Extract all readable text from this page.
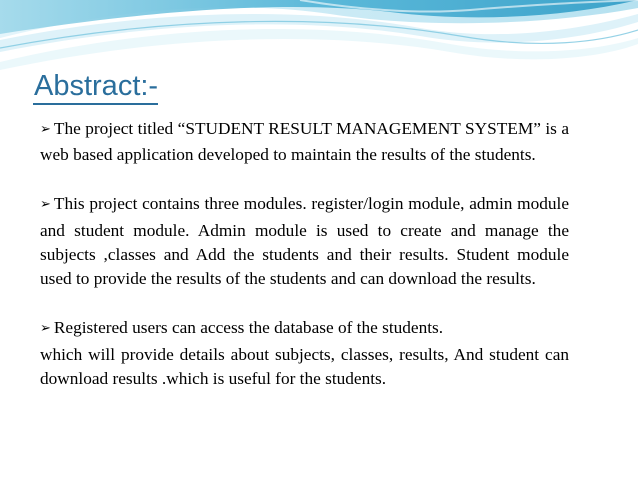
Abstract:-

➢ The project titled “STUDENT RESULT MANAGEMENT SYSTEM” is a web based application developed to maintain the results of the students.

➢ This project contains three modules. register/login module, admin module and student module. Admin module is used to create and manage the subjects ,classes and Add the students and their results. Student module used to provide the results of the students and can download the results.

➢ Registered users can access the database of the students.
which will provide details about subjects, classes, results, And student can download results .which is useful for the students.
